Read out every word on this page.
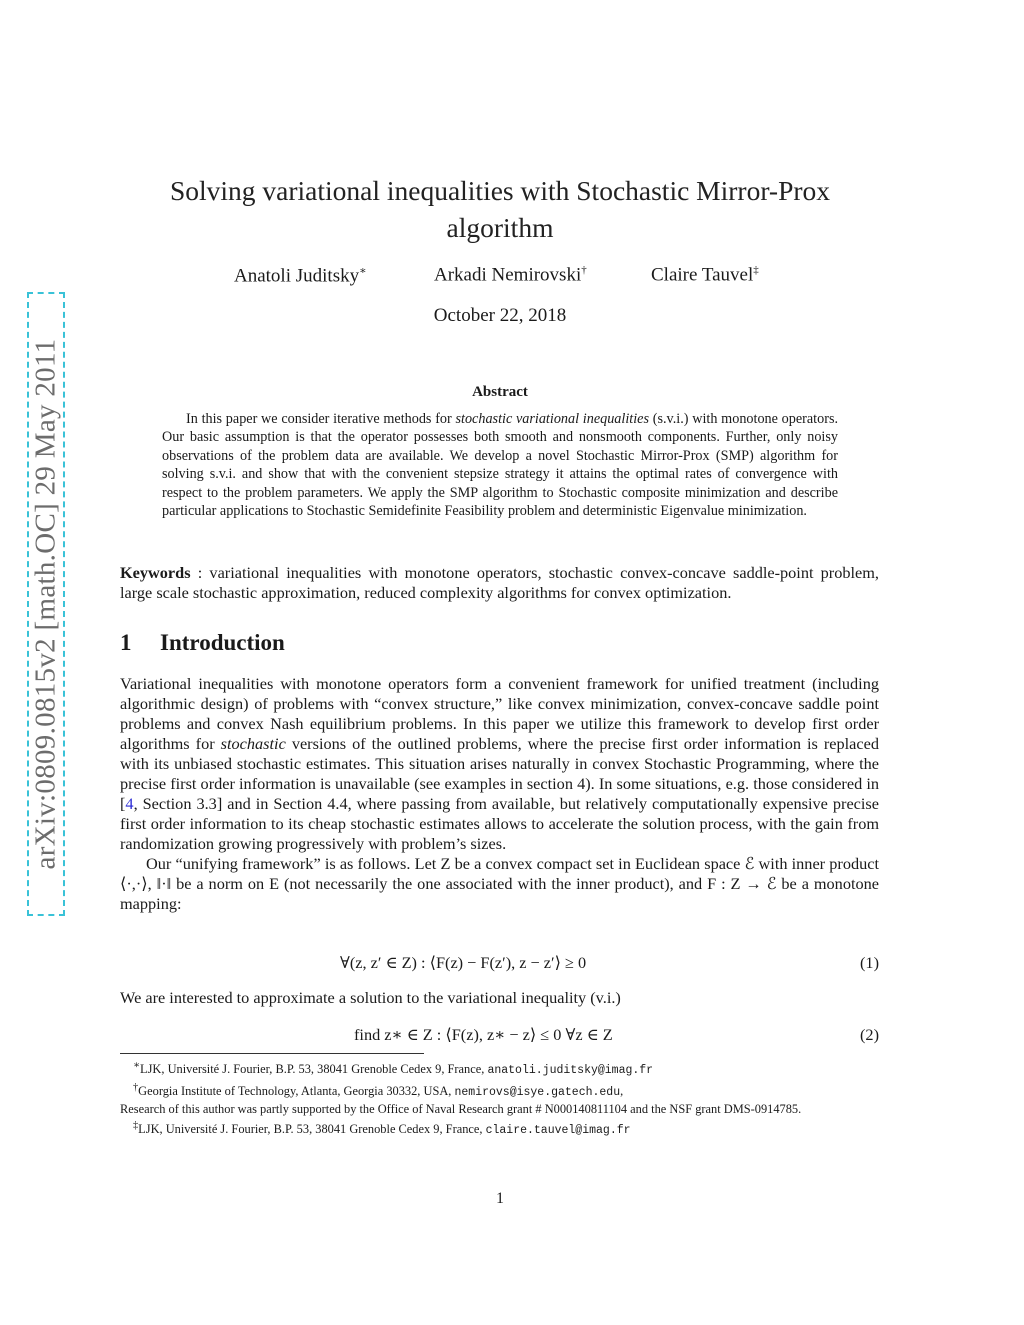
arXiv:0809.0815v2 [math.OC] 29 May 2011
Solving variational inequalities with Stochastic Mirror-Prox algorithm
Anatoli Juditsky∗	Arkadi Nemirovski†	Claire Tauvel‡
October 22, 2018
Abstract
In this paper we consider iterative methods for stochastic variational inequalities (s.v.i.) with monotone operators. Our basic assumption is that the operator possesses both smooth and nonsmooth components. Further, only noisy observations of the problem data are available. We develop a novel Stochastic Mirror-Prox (SMP) algorithm for solving s.v.i. and show that with the convenient stepsize strategy it attains the optimal rates of convergence with respect to the problem parameters. We apply the SMP algorithm to Stochastic composite minimization and describe particular applications to Stochastic Semidefinite Feasibility problem and deterministic Eigenvalue minimization.
Keywords : variational inequalities with monotone operators, stochastic convex-concave saddle-point problem, large scale stochastic approximation, reduced complexity algorithms for convex optimization.
1 Introduction

Variational inequalities with monotone operators form a convenient framework for unified treatment (including algorithmic design) of problems with “convex structure,” like convex minimization, convex-concave saddle point problems and convex Nash equilibrium problems. In this paper we utilize this framework to develop first order algorithms for stochastic versions of the outlined problems, where the precise first order information is replaced with its unbiased stochastic estimates. This situation arises naturally in convex Stochastic Programming, where the precise first order information is unavailable (see examples in section 4). In some situations, e.g. those considered in [4, Section 3.3] and in Section 4.4, where passing from available, but relatively computationally expensive precise first order information to its cheap stochastic estimates allows to accelerate the solution process, with the gain from randomization growing progressively with problem’s sizes.

Our “unifying framework” is as follows. Let Z be a convex compact set in Euclidean space ℰ with inner product ⟨·,·⟩, ‖·‖ be a norm on E (not necessarily the one associated with the inner product), and F : Z → ℰ be a monotone mapping:

∀(z, z′ ∈ Z) : ⟨F(z) − F(z′), z − z′⟩ ≥ 0	(1)
We are interested to approximate a solution to the variational inequality (v.i.)
find z∗ ∈ Z : ⟨F(z), z∗ − z⟩ ≤ 0 ∀z ∈ Z	(2)

∗LJK, Université J. Fourier, B.P. 53, 38041 Grenoble Cedex 9, France, anatoli.juditsky@imag.fr

†Georgia Institute of Technology, Atlanta, Georgia 30332, USA, nemirovs@isye.gatech.edu,

Research of this author was partly supported by the Office of Naval Research grant # N000140811104 and the NSF grant DMS-0914785.

‡LJK, Université J. Fourier, B.P. 53, 38041 Grenoble Cedex 9, France, claire.tauvel@imag.fr

1
